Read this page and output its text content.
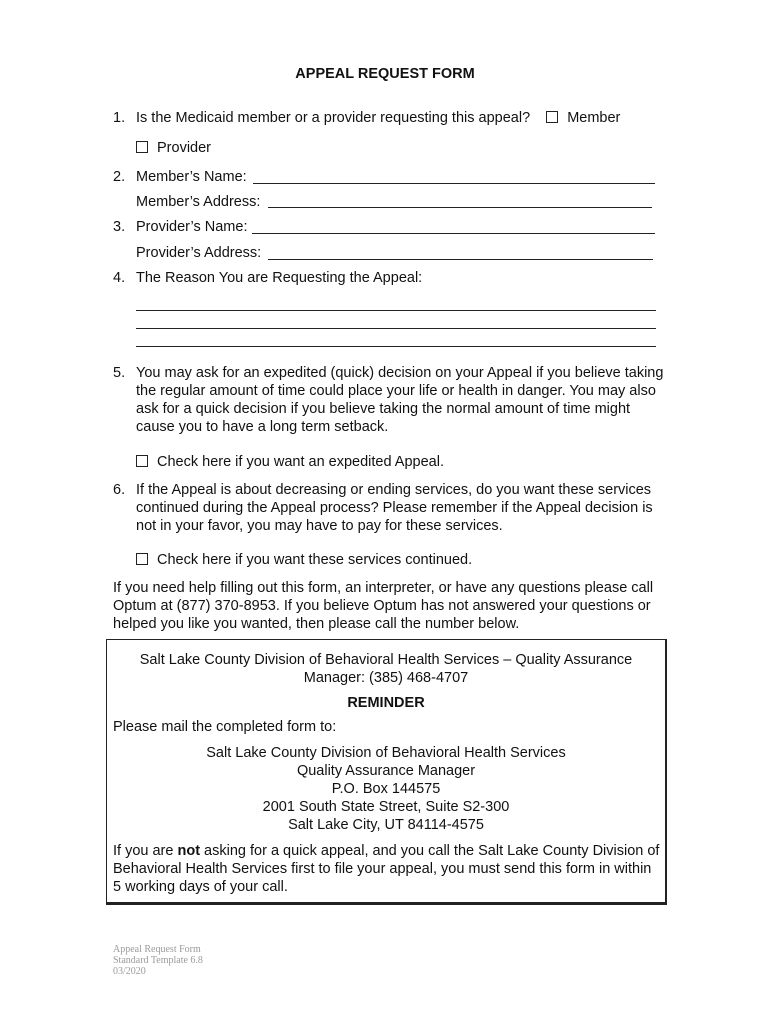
APPEAL REQUEST FORM
1. Is the Medicaid member or a provider requesting this appeal?	Member
Provider
2. Member’s Name:
Member’s Address:
3. Provider’s Name:
Provider’s Address:
4. The Reason You are Requesting the Appeal:
5. You may ask for an expedited (quick) decision on your Appeal if you believe taking the regular amount of time could place your life or health in danger. You may also ask for a quick decision if you believe taking the normal amount of time might cause you to have a long term setback.
Check here if you want an expedited Appeal.
6. If the Appeal is about decreasing or ending services, do you want these services continued during the Appeal process? Please remember if the Appeal decision is not in your favor, you may have to pay for these services.
Check here if you want these services continued.
If you need help filling out this form, an interpreter, or have any questions please call Optum at (877) 370-8953. If you believe Optum has not answered your questions or helped you like you wanted, then please call the number below.
Salt Lake County Division of Behavioral Health Services – Quality Assurance
Manager: (385) 468-4707
REMINDER
Please mail the completed form to:
Salt Lake County Division of Behavioral Health Services
Quality Assurance Manager
P.O. Box 144575
2001 South State Street, Suite S2-300
Salt Lake City, UT 84114-4575
If you are not asking for a quick appeal, and you call the Salt Lake County Division of Behavioral Health Services first to file your appeal, you must send this form in within 5 working days of your call.
Appeal Request Form
Standard Template 6.8
03/2020
